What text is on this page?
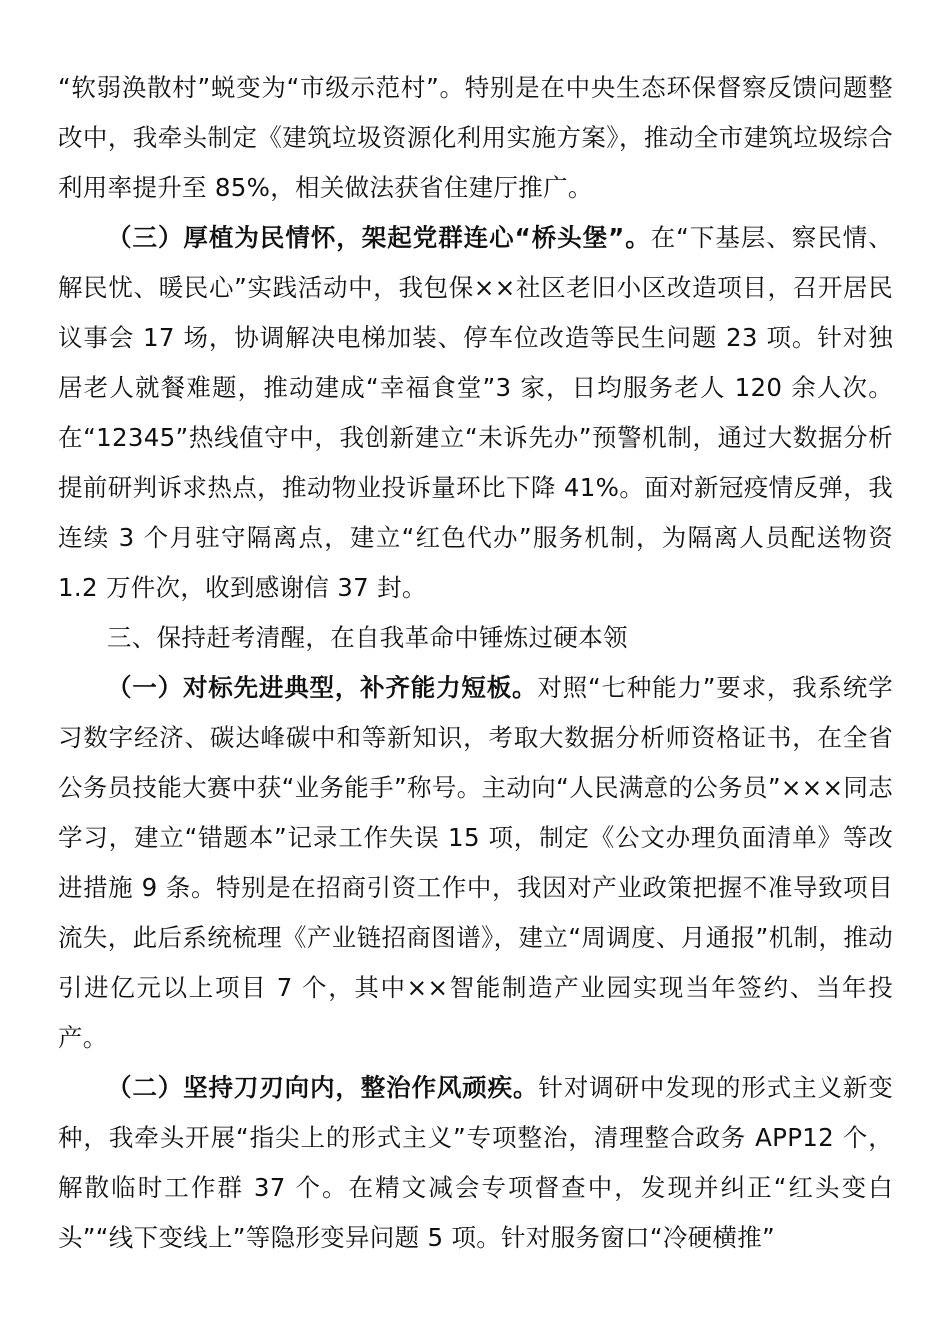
“软弱涣散村”蜕变为“市级示范村”。特别是在中央生态环保督察反馈问题整改中，我牵头制定《建筑垃圾资源化利用实施方案》，推动全市建筑垃圾综合利用率提升至 85%，相关做法获省住建厅推广。

（三）厚植为民情怀，架起党群连心“桥头堡”。在“下基层、察民情、解民忧、暖民心”实践活动中，我包保××社区老旧小区改造项目，召开居民议事会 17 场，协调解决电梯加装、停车位改造等民生问题 23 项。针对独居老人就餐难题，推动建成“幸福食堂”3 家，日均服务老人 120 余人次。在“12345”热线值守中，我创新建立“未诉先办”预警机制，通过大数据分析提前研判诉求热点，推动物业投诉量环比下降 41%。面对新冠疫情反弹，我连续 3 个月驻守隔离点，建立“红色代办”服务机制，为隔离人员配送物资 1.2 万件次，收到感谢信 37 封。

三、保持赶考清醒，在自我革命中锤炼过硬本领

（一）对标先进典型，补齐能力短板。对照“七种能力”要求，我系统学习数字经济、碳达峰碳中和等新知识，考取大数据分析师资格证书，在全省公务员技能大赛中获“业务能手”称号。主动向“人民满意的公务员”×××同志学习，建立“错题本”记录工作失误 15 项，制定《公文办理负面清单》等改进措施 9 条。特别是在招商引资工作中，我因对产业政策把握不准导致项目流失，此后系统梳理《产业链招商图谱》，建立“周调度、月通报”机制，推动引进亿元以上项目 7 个，其中××智能制造产业园实现当年签约、当年投产。

（二）坚持刀刃向内，整治作风顽疾。针对调研中发现的形式主义新变种，我牵头开展“指尖上的形式主义”专项整治，清理整合政务 APP12 个，解散临时工作群 37 个。在精文减会专项督查中，发现并纠正“红头变白头”“线下变线上”等隐形变异问题 5 项。针对服务窗口“冷硬横推”
